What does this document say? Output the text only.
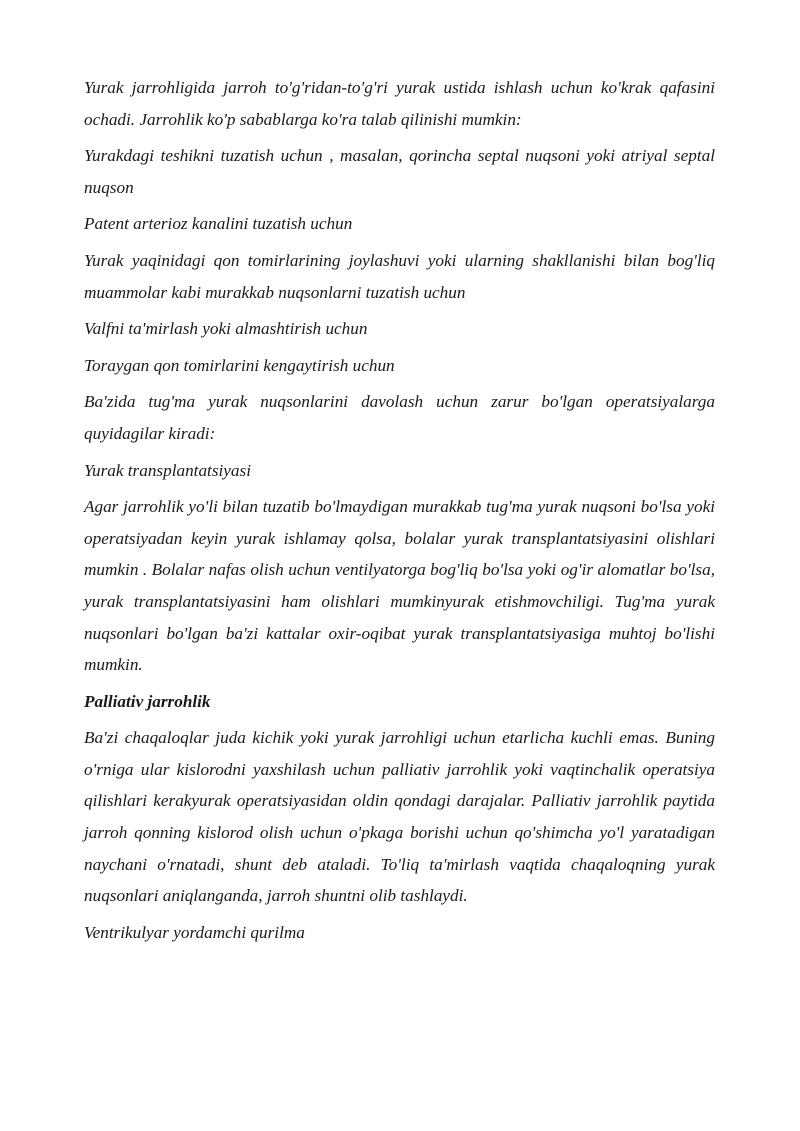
Yurak jarrohligida jarroh to'g'ridan-to'g'ri yurak ustida ishlash uchun ko'krak qafasini ochadi. Jarrohlik ko'p sabablarga ko'ra talab qilinishi mumkin:

Yurakdagi teshikni tuzatish uchun , masalan, qorincha septal nuqsoni yoki atriyal septal nuqson

Patent arterioz kanalini tuzatish uchun

Yurak yaqinidagi qon tomirlarining joylashuvi yoki ularning shakllanishi bilan bog'liq muammolar kabi murakkab nuqsonlarni tuzatish uchun

Valfni ta'mirlash yoki almashtirish uchun

Toraygan qon tomirlarini kengaytirish uchun

Ba'zida tug'ma yurak nuqsonlarini davolash uchun zarur bo'lgan operatsiyalarga quyidagilar kiradi:

Yurak transplantatsiyasi

Agar jarrohlik yo'li bilan tuzatib bo'lmaydigan murakkab tug'ma yurak nuqsoni bo'lsa yoki operatsiyadan keyin yurak ishlamay qolsa, bolalar yurak transplantatsiyasini olishlari mumkin . Bolalar nafas olish uchun ventilyatorga bog'liq bo'lsa yoki og'ir alomatlar bo'lsa, yurak transplantatsiyasini ham olishlari mumkinyurak etishmovchiligi. Tug'ma yurak nuqsonlari bo'lgan ba'zi kattalar oxir-oqibat yurak transplantatsiyasiga muhtoj bo'lishi mumkin.

Palliativ jarrohlik

Ba'zi chaqaloqlar juda kichik yoki yurak jarrohligi uchun etarlicha kuchli emas. Buning o'rniga ular kislorodni yaxshilash uchun palliativ jarrohlik yoki vaqtinchalik operatsiya qilishlari kerakyurak operatsiyasidan oldin qondagi darajalar. Palliativ jarrohlik paytida jarroh qonning kislorod olish uchun o'pkaga borishi uchun qo'shimcha yo'l yaratadigan naychani o'rnatadi, shunt deb ataladi. To'liq ta'mirlash vaqtida chaqaloqning yurak nuqsonlari aniqlanganda, jarroh shuntni olib tashlaydi.

Ventrikulyar yordamchi qurilma
